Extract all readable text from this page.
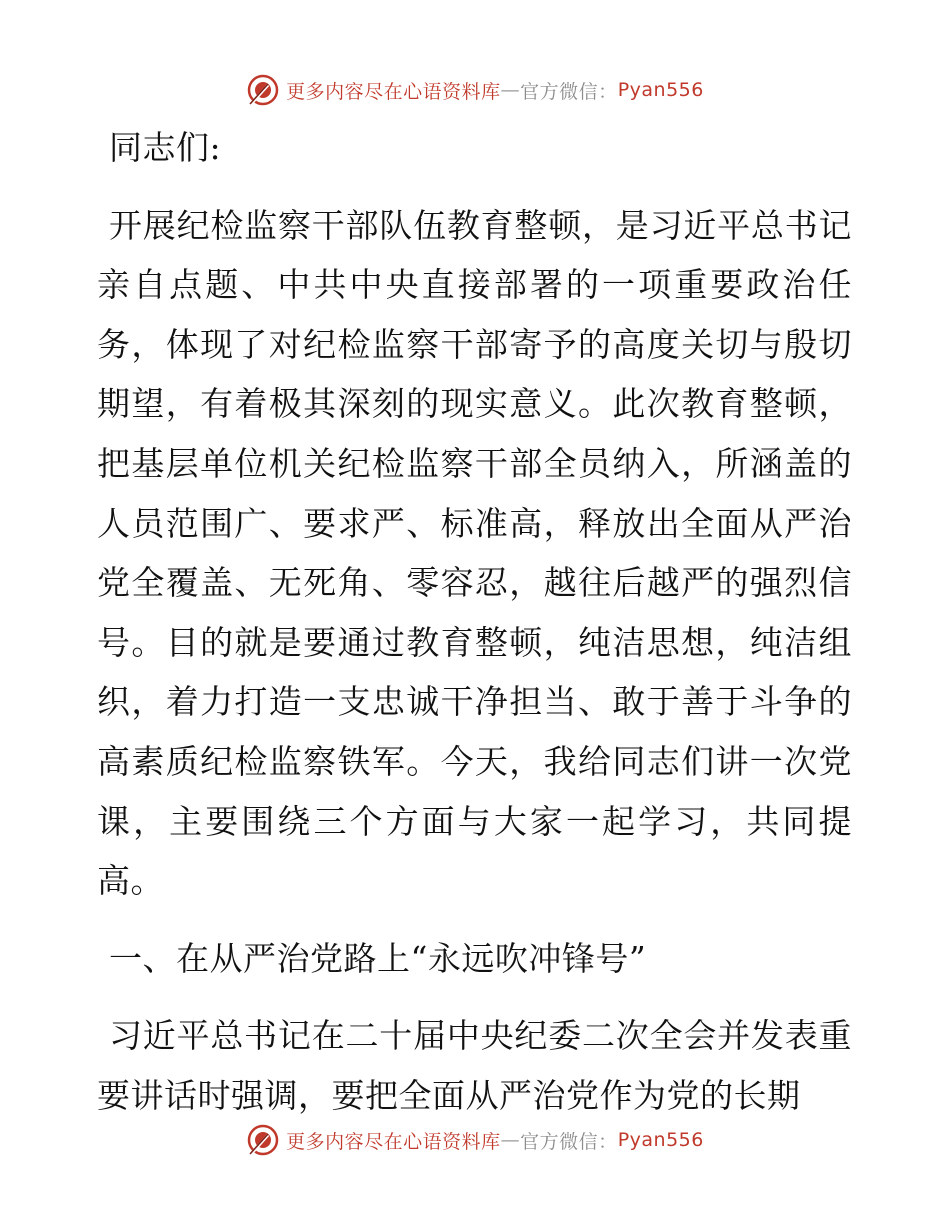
更多内容尽在心语资料库 — 官方微信： Pyan556

同志们:

开展纪检监察干部队伍教育整顿，是习近平总书记亲自点题、中共中央直接部署的一项重要政治任务，体现了对纪检监察干部寄予的高度关切与殷切期望，有着极其深刻的现实意义。此次教育整顿，把基层单位机关纪检监察干部全员纳入，所涵盖的人员范围广、要求严、标准高，释放出全面从严治党全覆盖、无死角、零容忍，越往后越严的强烈信号。目的就是要通过教育整顿，纯洁思想，纯洁组织，着力打造一支忠诚干净担当、敢于善于斗争的高素质纪检监察铁军。今天，我给同志们讲一次党课，主要围绕三个方面与大家一起学习，共同提高。

一、在从严治党路上“永远吹冲锋号”

习近平总书记在二十届中央纪委二次全会并发表重要讲话时强调，要把全面从严治党作为党的长期

更多内容尽在心语资料库 — 官方微信： Pyan556
